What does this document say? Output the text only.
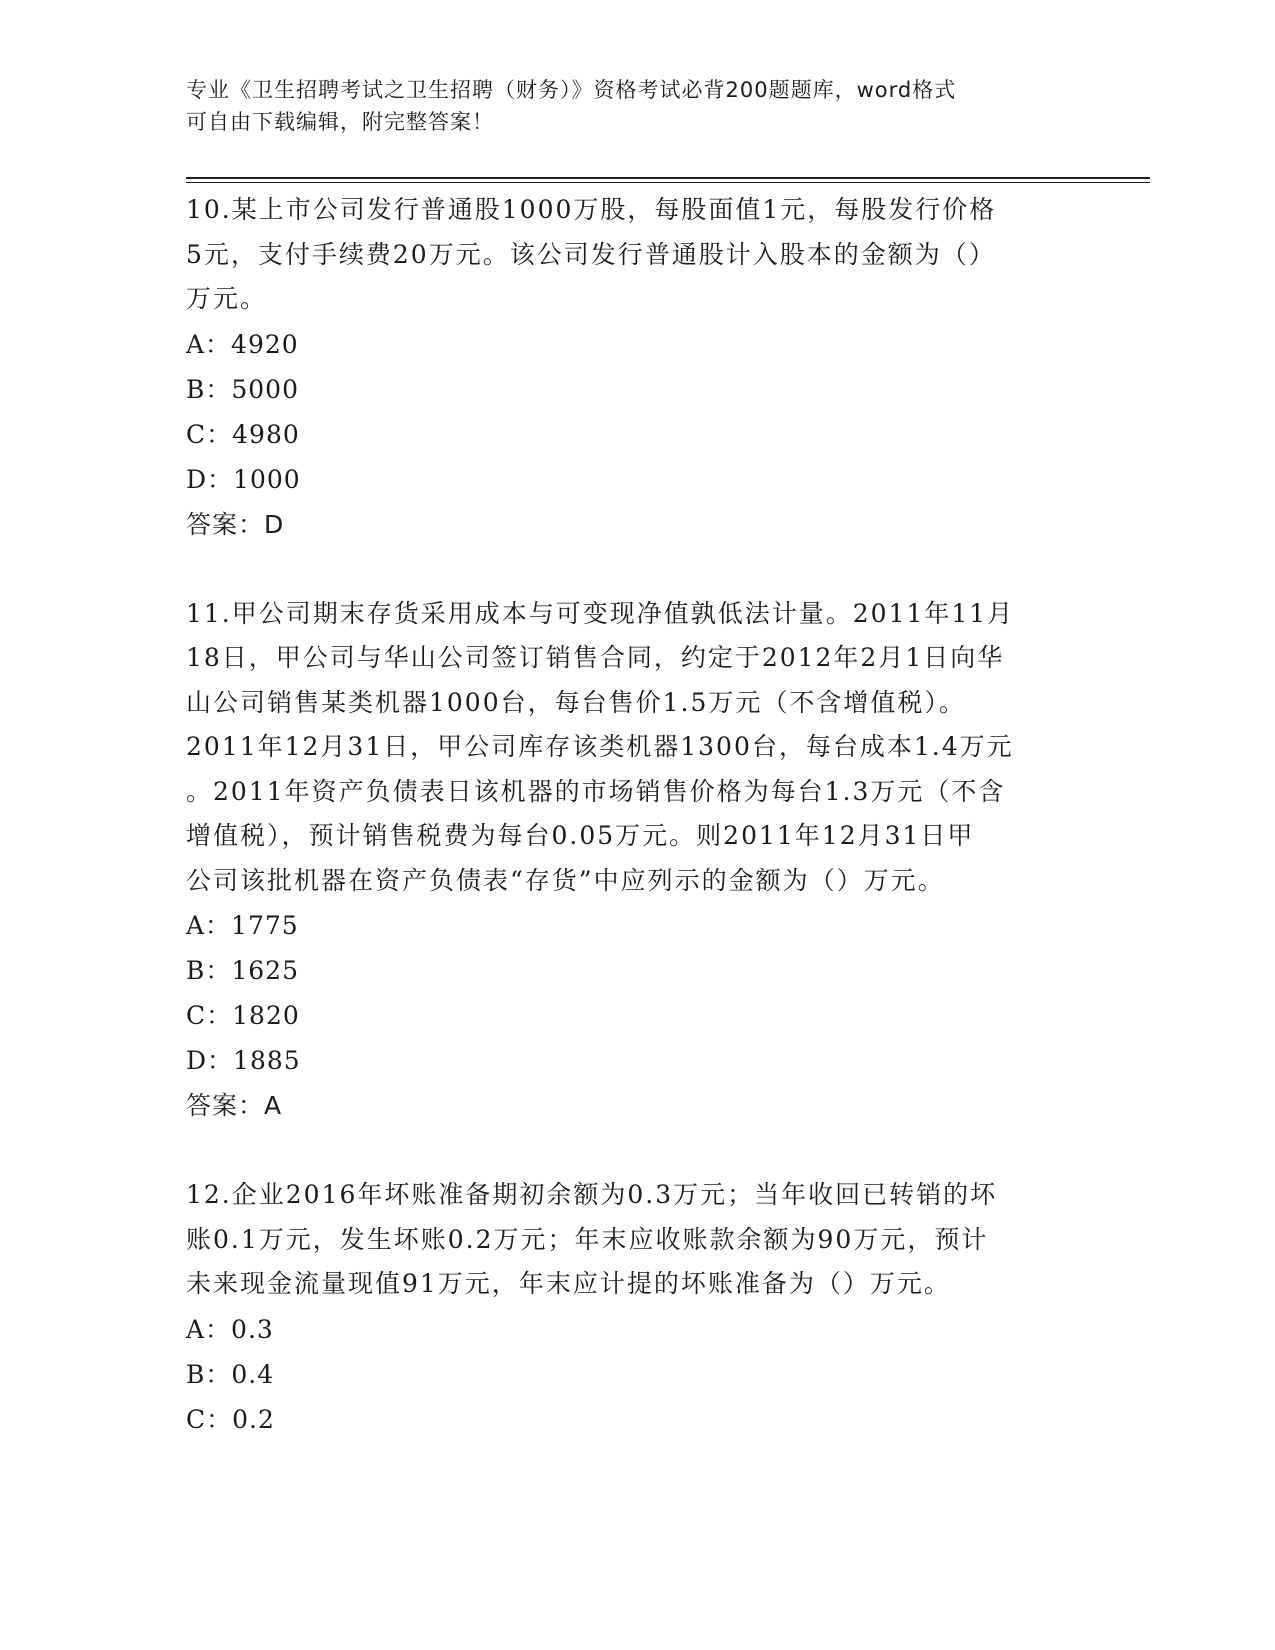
专业《卫生招聘考试之卫生招聘（财务）》资格考试必背200题题库，word格式
可自由下载编辑，附完整答案！
10.某上市公司发行普通股1000万股，每股面值1元，每股发行价格
5元，支付手续费20万元。该公司发行普通股计入股本的金额为（）
万元。
A：4920
B：5000
C：4980
D：1000
答案：D
11.甲公司期末存货采用成本与可变现净值孰低法计量。2011年11月
18日，甲公司与华山公司签订销售合同，约定于2012年2月1日向华
山公司销售某类机器1000台，每台售价1.5万元（不含增值税）。
2011年12月31日，甲公司库存该类机器1300台，每台成本1.4万元
。2011年资产负债表日该机器的市场销售价格为每台1.3万元（不含
增值税），预计销售税费为每台0.05万元。则2011年12月31日甲
公司该批机器在资产负债表“存货”中应列示的金额为（）万元。
A：1775
B：1625
C：1820
D：1885
答案：A
12.企业2016年坏账准备期初余额为0.3万元；当年收回已转销的坏
账0.1万元，发生坏账0.2万元；年末应收账款余额为90万元，预计
未来现金流量现值91万元，年末应计提的坏账准备为（）万元。
A：0.3
B：0.4
C：0.2
